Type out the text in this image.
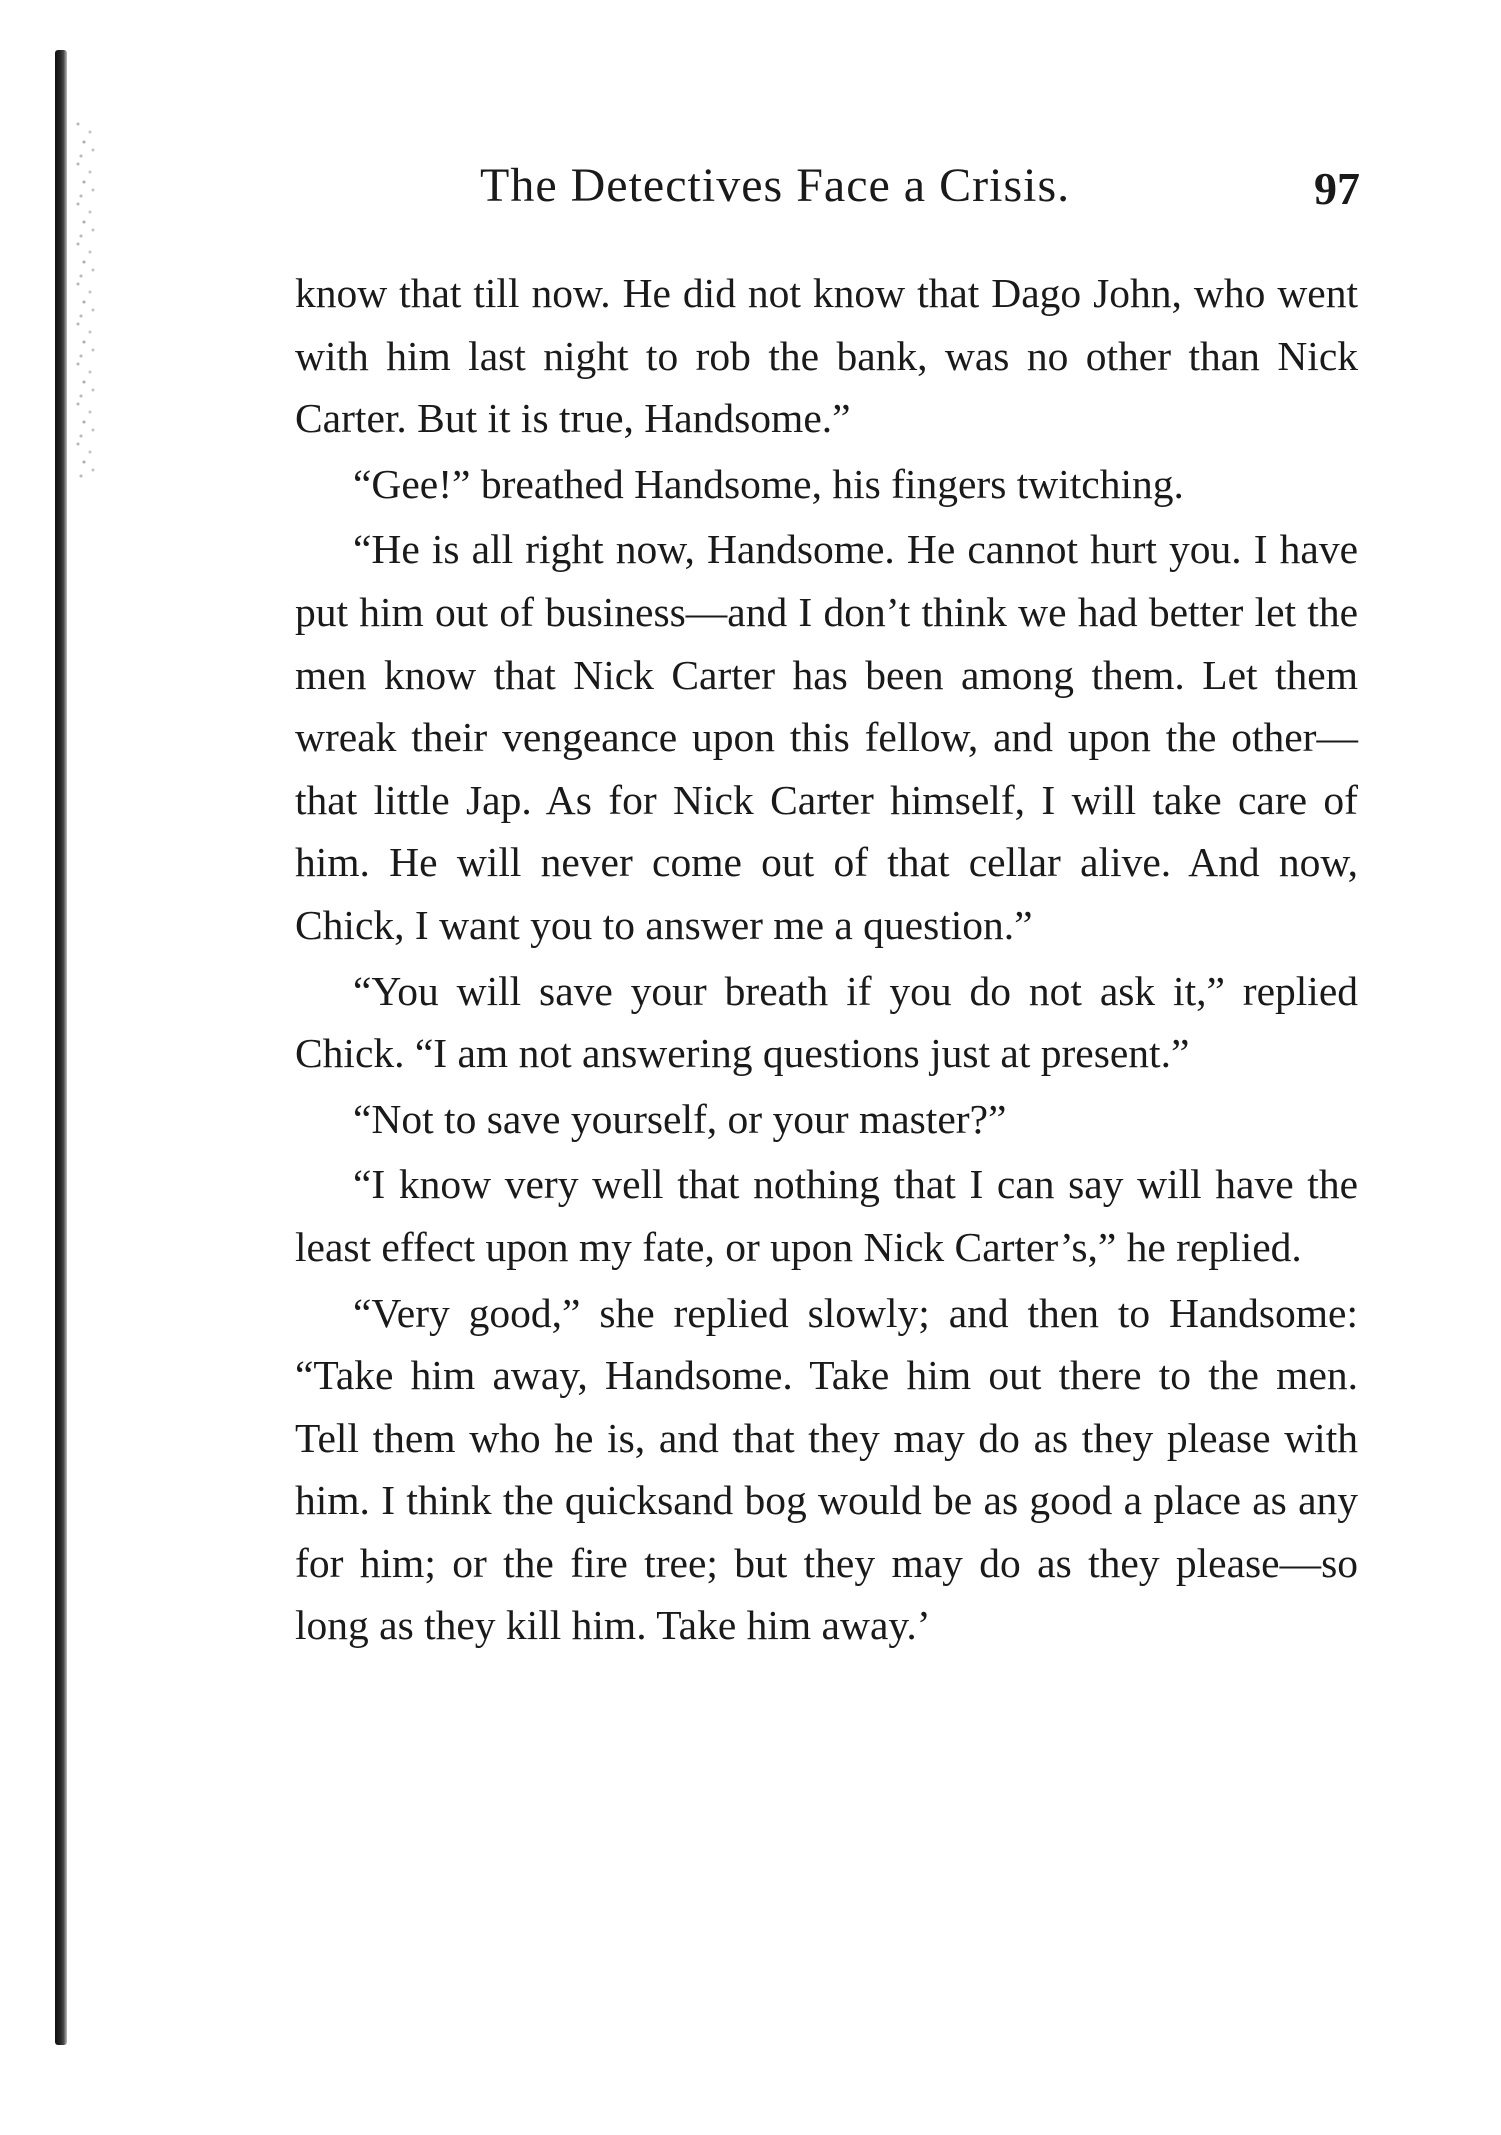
The Detectives Face a Crisis.	97

know that till now. He did not know that Dago John, who went with him last night to rob the bank, was no other than Nick Carter. But it is true, Handsome.”

“Gee!” breathed Handsome, his fingers twitching.

“He is all right now, Handsome. He cannot hurt you. I have put him out of business—and I don’t think we had better let the men know that Nick Carter has been among them. Let them wreak their vengeance upon this fellow, and upon the other—that little Jap. As for Nick Carter himself, I will take care of him. He will never come out of that cellar alive. And now, Chick, I want you to answer me a question.”

“You will save your breath if you do not ask it,” replied Chick. “I am not answering questions just at present.”

“Not to save yourself, or your master?”

“I know very well that nothing that I can say will have the least effect upon my fate, or upon Nick Carter’s,” he replied.

“Very good,” she replied slowly; and then to Handsome: “Take him away, Handsome. Take him out there to the men. Tell them who he is, and that they may do as they please with him. I think the quicksand bog would be as good a place as any for him; or the fire tree; but they may do as they please—so long as they kill him. Take him away.’
